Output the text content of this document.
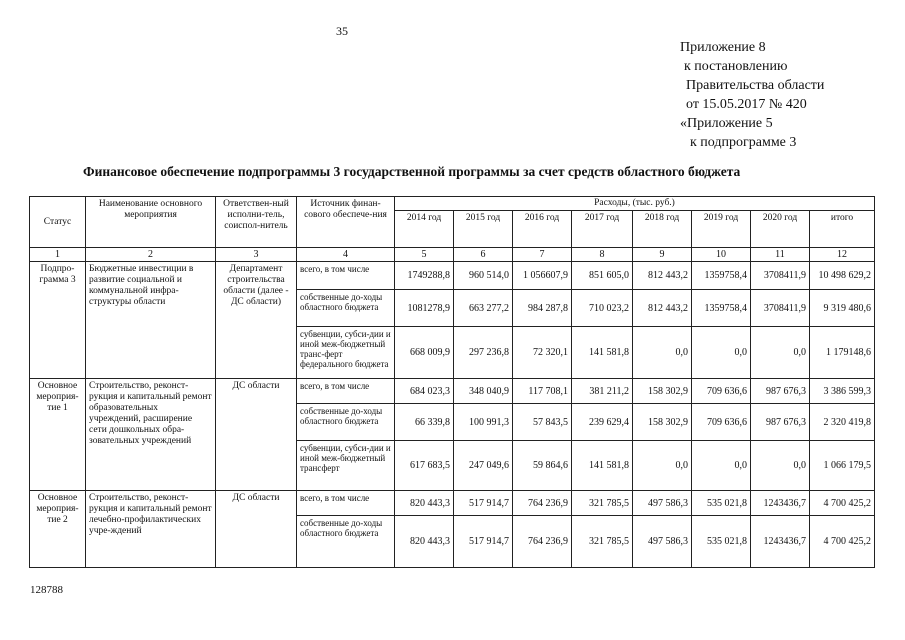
35
Приложение 8
к постановлению
Правительства области
от 15.05.2017 № 420
«Приложение 5
к подпрограмме 3
Финансовое обеспечение подпрограммы 3 государственной программы за счет средств областного бюджета
Статус	Наименование основного мероприятия	Ответствен-ный исполни-тель, соиспол-нитель	Источник финан-сового обеспече-ния	Расходы, (тыс. руб.)							
				2014 год	2015 год	2016 год	2017 год	2018 год	2019 год	2020 год	итого
1	2	3	4	5	6	7	8	9	10	11	12
Подпро-грамма 3	Бюджетные инвестиции в развитие социальной и коммунальной инфра-структуры области	Департамент строительства области (далее - ДС области)	всего, в том числе	1749288,8	960 514,0	1 056607,9	851 605,0	812 443,2	1359758,4	3708411,9	10 498 629,2
			собственные до-ходы областного бюджета	1081278,9	663 277,2	984 287,8	710 023,2	812 443,2	1359758,4	3708411,9	9 319 480,6
			субвенции, субси-дии и иной меж-бюджетный транс-ферт федерального бюджета	668 009,9	297 236,8	72 320,1	141 581,8	0,0	0,0	0,0	1 179148,6
Основное мероприя-тие 1	Строительство, реконст-рукция и капитальный ремонт образовательных учреждений, расширение сети дошкольных обра-зовательных учреждений	ДС области	всего, в том числе	684 023,3	348 040,9	117 708,1	381 211,2	158 302,9	709 636,6	987 676,3	3 386 599,3
			собственные до-ходы областного бюджета	66 339,8	100 991,3	57 843,5	239 629,4	158 302,9	709 636,6	987 676,3	2 320 419,8
			субвенции, субси-дии и иной меж-бюджетный трансферт	617 683,5	247 049,6	59 864,6	141 581,8	0,0	0,0	0,0	1 066 179,5
Основное мероприя-тие 2	Строительство, реконст-рукция и капитальный ремонт лечебно-профилактических учре-ждений	ДС области	всего, в том числе	820 443,3	517 914,7	764 236,9	321 785,5	497 586,3	535 021,8	1243436,7	4 700 425,2
			собственные до-ходы областного бюджета	820 443,3	517 914,7	764 236,9	321 785,5	497 586,3	535 021,8	1243436,7	4 700 425,2
128788
